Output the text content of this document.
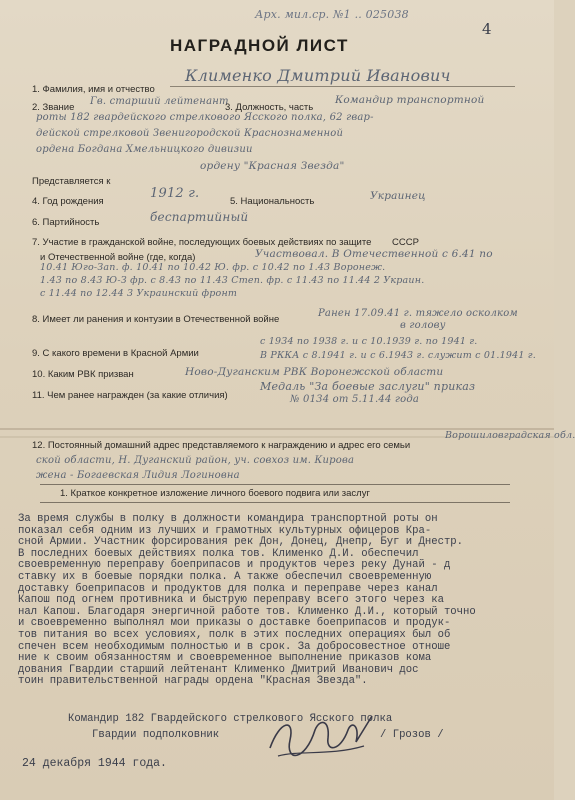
Арх. мил.ср. №1 .. 025038
4
НАГРАДНОЙ ЛИСТ
1. Фамилия, имя и отчество
Клименко Дмитрий Иванович
2. Звание
Гв. старший лейтенант
3. Должность, часть
Командир транспортной
роты 182 гвардейского стрелкового Ясского полка, 62 гвар-
дейской стрелковой Звенигородской Краснознаменной
ордена Богдана Хмельницкого дивизии
Представляется к
ордену "Красная Звезда"
4. Год рождения
1912 г.
5. Национальность	Украинец
6. Партийность	беспартийный
7. Участие в гражданской войне, последующих боевых действиях по защите СССР
и Отечественной войне (где, когда)	Участвовал. В Отечественной с 6.41 по
10.41 Юго-Зап. ф. 10.41 по 10.42 Ю. фр. с 10.42 по 1.43 Воронеж.
1.43 по 8.43 Ю-З фр. с 8.43 по 11.43 Степ. фр. с 11.43 по 11.44 2 Украин.
с 11.44 по 12.44 3 Украинский фронт
8. Имеет ли ранения и контузии в Отечественной войне
Ранен 17.09.41 г. тяжело осколком
в голову
9. С какого времени в Красной Армии
с 1934 по 1938 г. и с 10.1939 г. по 1941 г.
В РККА с 8.1941 г. и с 6.1943 г. служит с 01.1941 г.
10. Каким РВК призван	Ново-Дуганским РВК Воронежской области
11. Чем ранее награжден (за какие отличия)
Медаль "За боевые заслуги" приказ
№ 0134 от 5.11.44 года
12. Постоянный домашний адрес представляемого к награждению и адрес его семьи
Ворошиловградская обл.
ской области, Н. Дуганский район, уч. совхоз им. Кирова
жена - Богаевская Лидия Логиновна
1. Краткое конкретное изложение личного боевого подвига или заслуг
За время службы в полку в должности командира транспортной роты он
показал себя одним из лучших и грамотных культурных офицеров Кра-
сной Армии. Участник форсирования рек Дон, Донец, Днепр, Буг и Днестр.
В последних боевых действиях полка тов. Клименко Д.И. обеспечил
своевременную переправу боеприпасов и продуктов через реку Дунай - д
ставку их в боевые порядки полка. А также обеспечил своевременную
доставку боеприпасов и продуктов для полка и переправе через канал
Капош под огнем противника и быструю переправу всего этого через ка
нал Капош. Благодаря энергичной работе тов. Клименко Д.И., который точно
и своевременно выполнял мои приказы о доставке боеприпасов и продук-
тов питания во всех условиях, полк в этих последних операциях был об
спечен всем необходимым полностью и в срок. За добросовестное отноше
ние к своим обязанностям и своевременное выполнение приказов кома
дования Гвардии старший лейтенант Клименко Дмитрий Иванович дос
тоин правительственной награды ордена "Красная Звезда".
Командир 182 Гвардейского стрелкового Ясского полка
Гвардии подполковник	/ Грозов /
24 декабря 1944 года.
